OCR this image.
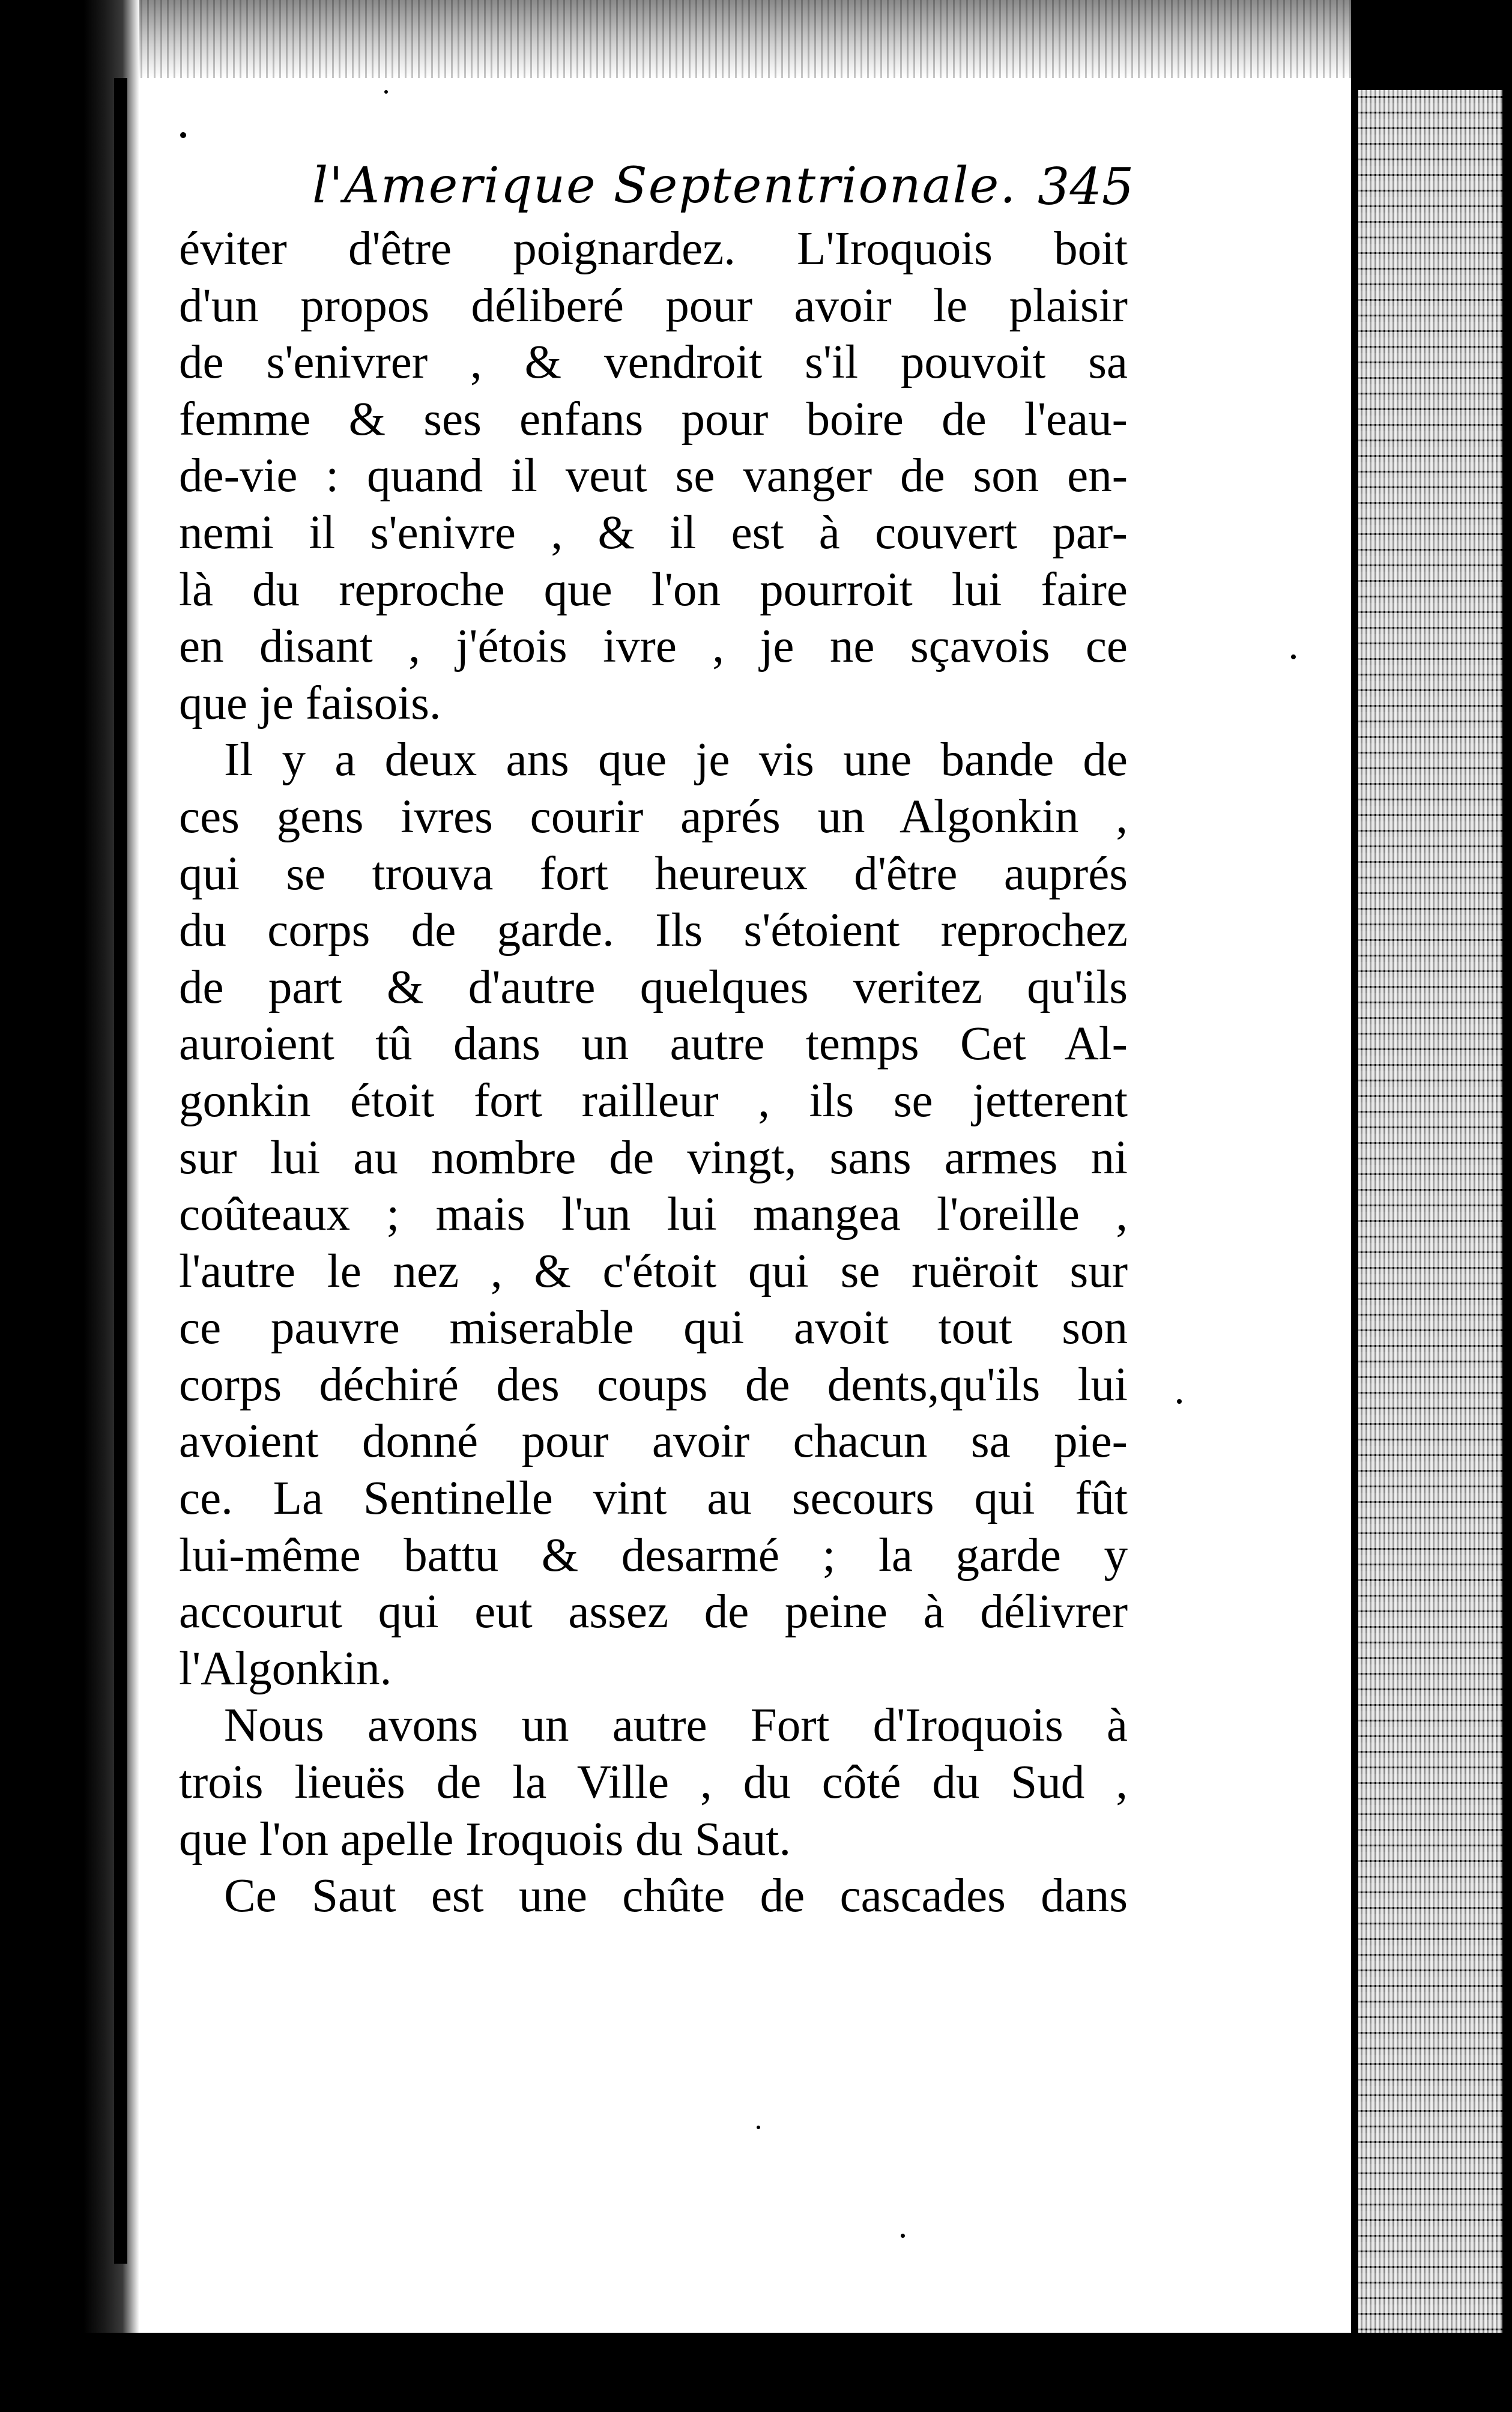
l'Amerique Septentrionale. 345
éviter d'être poignardez. L'Iroquois boit
d'un propos déliberé pour avoir le plaisir
de s'enivrer , & vendroit s'il pouvoit sa
femme & ses enfans pour boire de l'eau-
de-vie : quand il veut se vanger de son en-
nemi il s'enivre , & il est à couvert par-
là du reproche que l'on pourroit lui faire
en disant , j'étois ivre , je ne sçavois ce
que je faisois.
Il y a deux ans que je vis une bande de
ces gens ivres courir aprés un Algonkin ,
qui se trouva fort heureux d'être auprés
du corps de garde. Ils s'étoient reprochez
de part & d'autre quelques veritez qu'ils
auroient tû dans un autre temps Cet Al-
gonkin étoit fort railleur , ils se jetterent
sur lui au nombre de vingt, sans armes ni
coûteaux ; mais l'un lui mangea l'oreille ,
l'autre le nez , & c'étoit qui se ruëroit sur
ce pauvre miserable qui avoit tout son
corps déchiré des coups de dents,qu'ils lui
avoient donné pour avoir chacun sa pie-
ce. La Sentinelle vint au secours qui fût
lui-même battu & desarmé ; la garde y
accourut qui eut assez de peine à délivrer
l'Algonkin.
Nous avons un autre Fort d'Iroquois à
trois lieuës de la Ville , du côté du Sud ,
que l'on apelle Iroquois du Saut.
Ce Saut est une chûte de cascades dans
